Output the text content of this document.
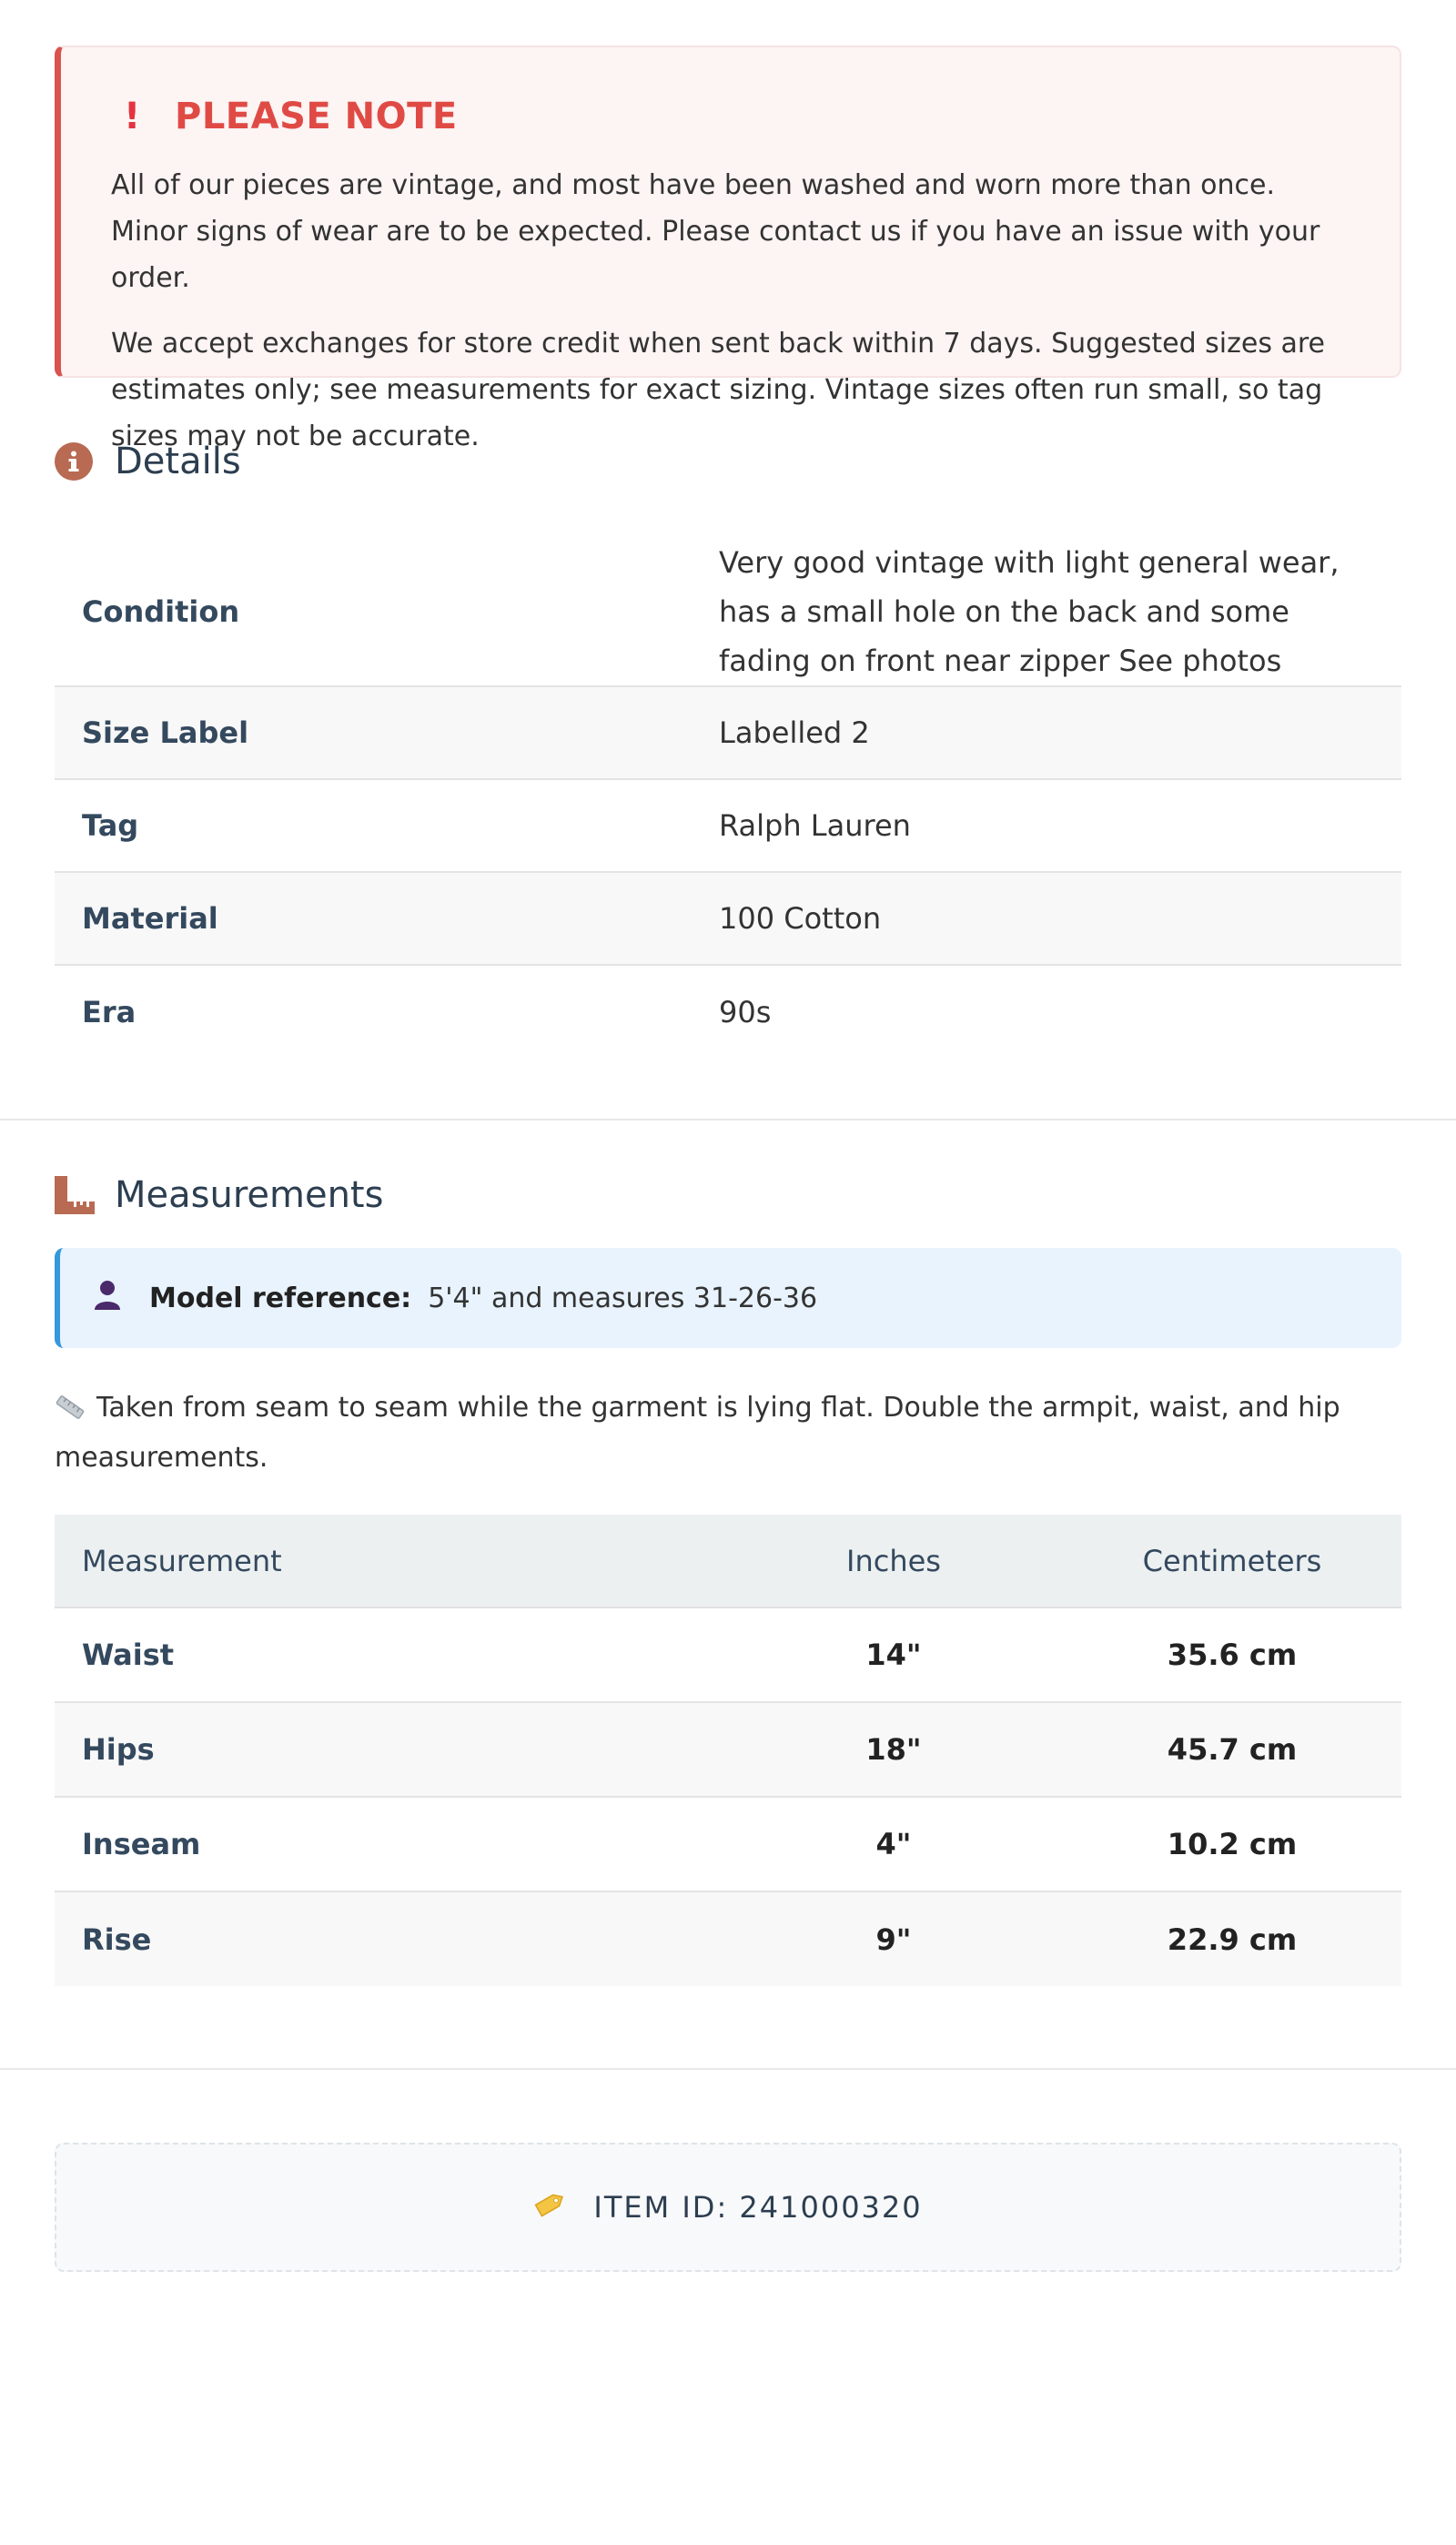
! PLEASE NOTE

All of our pieces are vintage, and most have been washed and worn more than once. Minor signs of wear are to be expected. Please contact us if you have an issue with your order.

We accept exchanges for store credit when sent back within 7 days. Suggested sizes are estimates only; see measurements for exact sizing. Vintage sizes often run small, so tag sizes may not be accurate.

Details
Condition	Very good vintage with light general wear, has a small hole on the back and some fading on front near zipper See photos
Size Label	Labelled 2
Tag	Ralph Lauren
Material	100 Cotton
Era	90s
Measurements
Model reference: 5'4" and measures 31-26-36
Taken from seam to seam while the garment is lying flat. Double the armpit, waist, and hip measurements.
Measurement	Inches	Centimeters
Waist	14"	35.6 cm
Hips	18"	45.7 cm
Inseam	4"	10.2 cm
Rise	9"	22.9 cm
ITEM ID: 241000320
